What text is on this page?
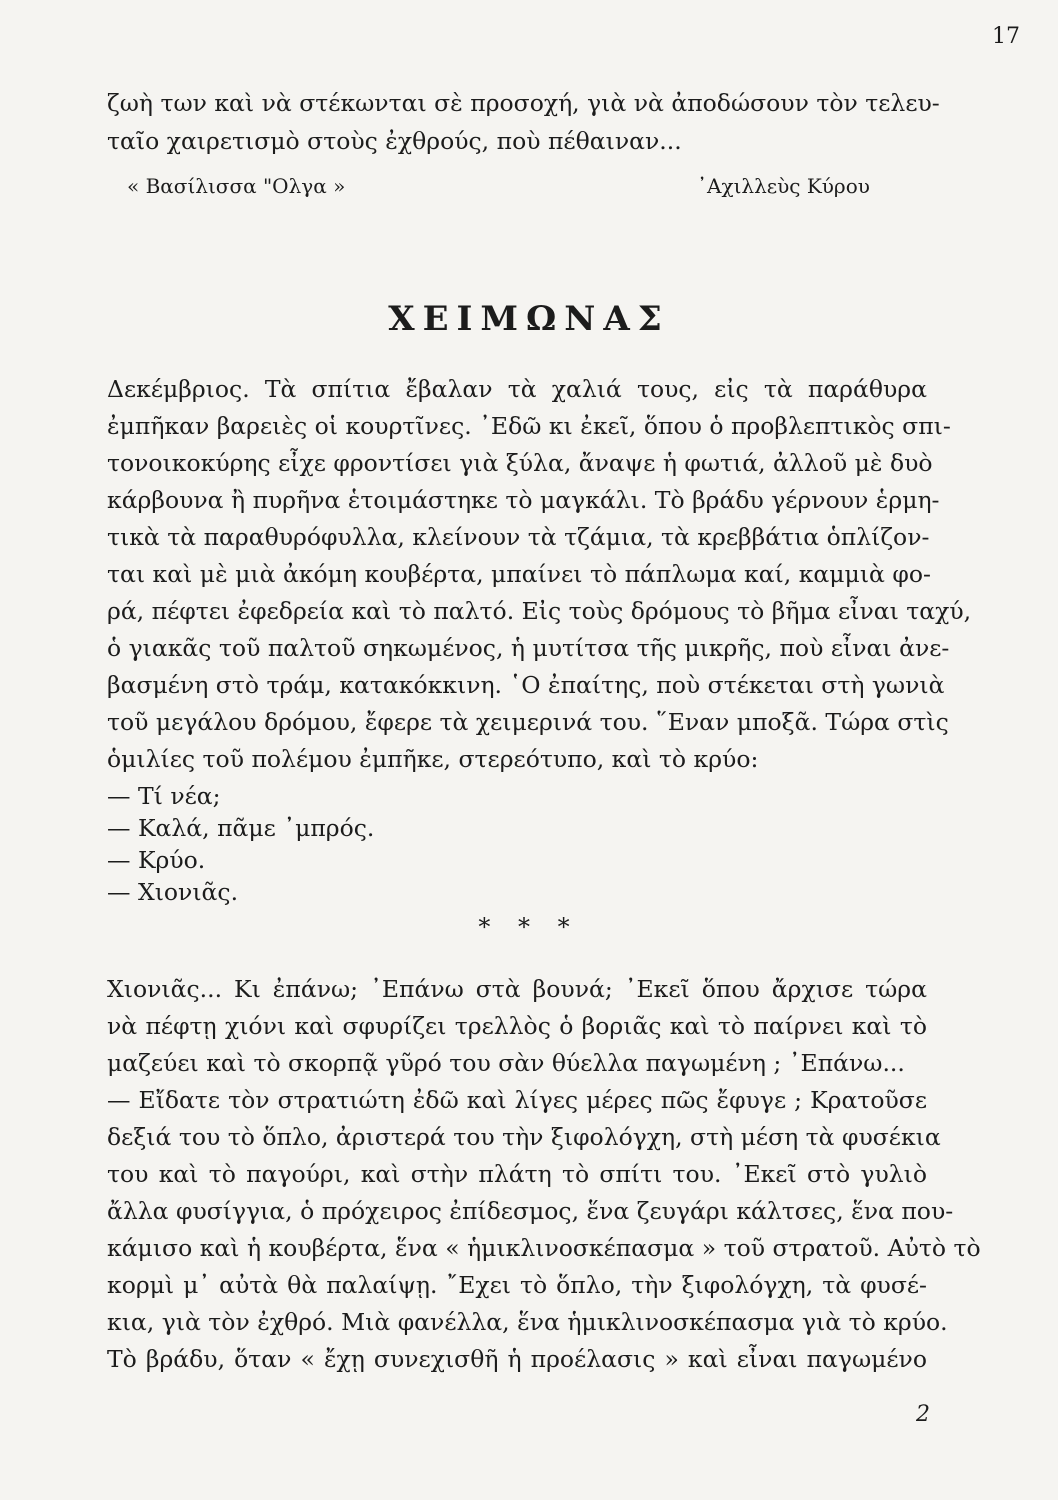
17
ζωὴ των καὶ νὰ στέκωνται σὲ προσοχή, γιὰ νὰ ἀποδώσουν τὸν τελευ-
ταῖο χαιρετισμὸ στοὺς ἐχθρούς, ποὺ πέθαιναν...
« Βασίλισσα "Ολγα »	᾿Αχιλλεὺς Κύρου
ΧΕΙΜΩΝΑΣ
Δεκέμβριος. Τὰ σπίτια ἔβαλαν τὰ χαλιά τους, εἰς τὰ παράθυρα
ἐμπῆκαν βαρειὲς οἱ κουρτῖνες. ᾿Εδῶ κι ἐκεῖ, ὅπου ὁ προβλεπτικὸς σπι-
τονοικοκύρης εἶχε φροντίσει γιὰ ξύλα, ἄναψε ἡ φωτιά, ἀλλοῦ μὲ δυὸ
κάρβουνα ἢ πυρῆνα ἑτοιμάστηκε τὸ μαγκάλι. Τὸ βράδυ γέρνουν ἑρμη-
τικὰ τὰ παραθυρόφυλλα, κλείνουν τὰ τζάμια, τὰ κρεββάτια ὁπλίζον-
ται καὶ μὲ μιὰ ἀκόμη κουβέρτα, μπαίνει τὸ πάπλωμα καί, καμμιὰ φο-
ρά, πέφτει ἐφεδρεία καὶ τὸ παλτό. Εἰς τοὺς δρόμους τὸ βῆμα εἶναι ταχύ,
ὁ γιακᾶς τοῦ παλτοῦ σηκωμένος, ἡ μυτίτσα τῆς μικρῆς, ποὺ εἶναι ἀνε-
βασμένη στὸ τράμ, κατακόκκινη. ῾Ο ἐπαίτης, ποὺ στέκεται στὴ γωνιὰ
τοῦ μεγάλου δρόμου, ἔφερε τὰ χειμερινά του. ῞Εναν μποξᾶ. Τώρα στὶς
ὁμιλίες τοῦ πολέμου ἐμπῆκε, στερεότυπο, καὶ τὸ κρύο:
— Τί νέα;
— Καλά, πᾶμε ᾿μπρός.
— Κρύο.
— Χιονιᾶς.
* * *
Χιονιᾶς... Κι ἐπάνω; ᾿Επάνω στὰ βουνά; ᾿Εκεῖ ὅπου ἄρχισε τώρα
νὰ πέφτῃ χιόνι καὶ σφυρίζει τρελλὸς ὁ βοριᾶς καὶ τὸ παίρνει καὶ τὸ
μαζεύει καὶ τὸ σκορπᾷ γῦρό του σὰν θύελλα παγωμένη ; ᾿Επάνω...
— Εἴδατε τὸν στρατιώτη ἐδῶ καὶ λίγες μέρες πῶς ἔφυγε ; Κρατοῦσε
δεξιά του τὸ ὅπλο, ἀριστερά του τὴν ξιφολόγχη, στὴ μέση τὰ φυσέκια
του καὶ τὸ παγούρι, καὶ στὴν πλάτη τὸ σπίτι του. ᾿Εκεῖ στὸ γυλιὸ
ἄλλα φυσίγγια, ὁ πρόχειρος ἐπίδεσμος, ἕνα ζευγάρι κάλτσες, ἕνα που-
κάμισο καὶ ἡ κουβέρτα, ἕνα « ἡμικλινοσκέπασμα » τοῦ στρατοῦ. Αὐτὸ τὸ
κορμὶ μ᾿ αὐτὰ θὰ παλαίψῃ. ῎Εχει τὸ ὅπλο, τὴν ξιφολόγχη, τὰ φυσέ-
κια, γιὰ τὸν ἐχθρό. Μιὰ φανέλλα, ἕνα ἡμικλινοσκέπασμα γιὰ τὸ κρύο.
Τὸ βράδυ, ὅταν « ἔχῃ συνεχισθῆ ἡ προέλασις » καὶ εἶναι παγωμένο
2
